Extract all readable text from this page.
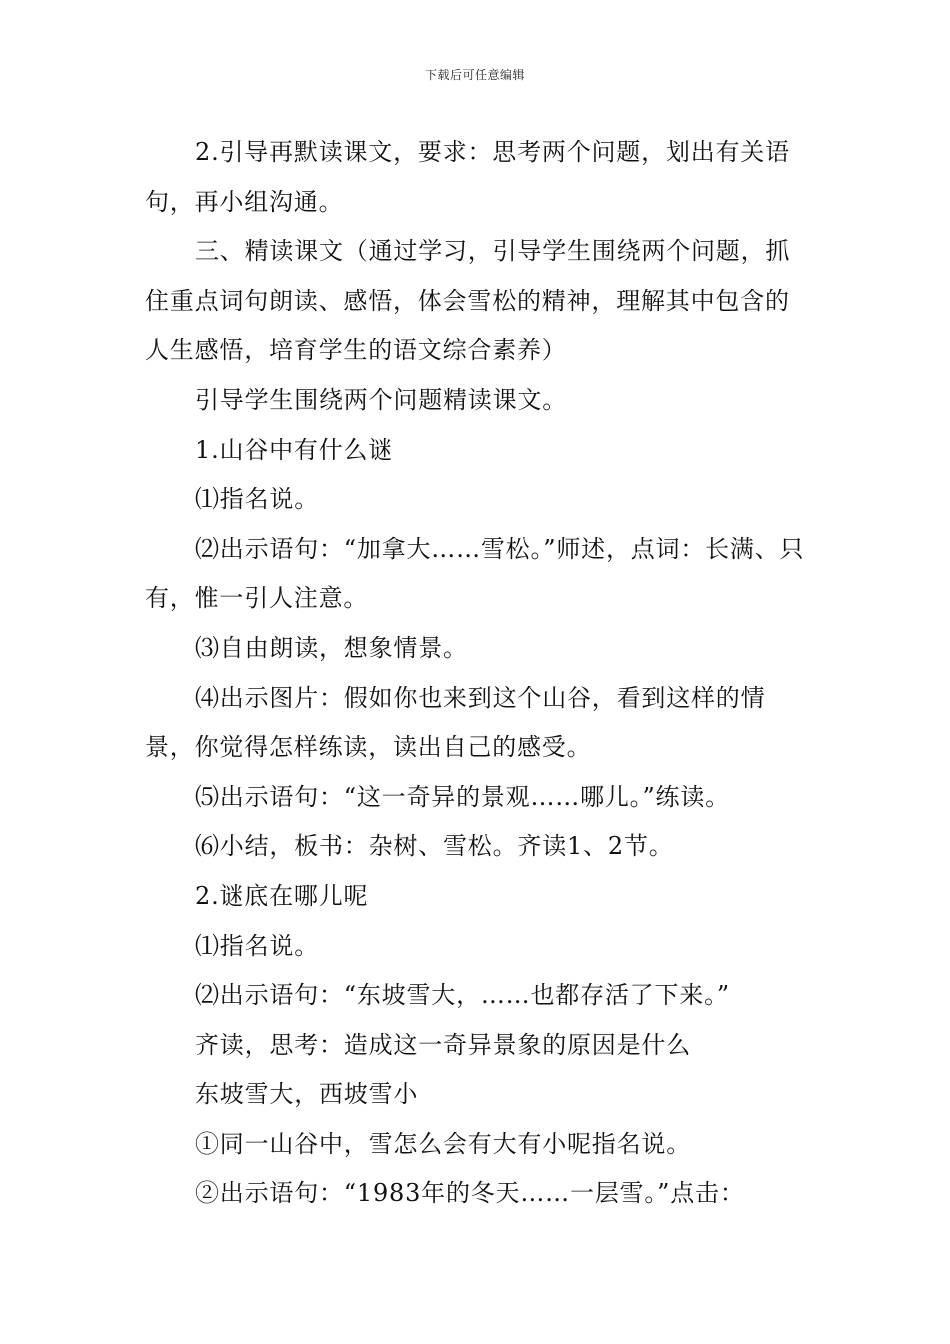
下载后可任意编辑

2.引导再默读课文，要求：思考两个问题，划出有关语句，再小组沟通。

三、精读课文（通过学习，引导学生围绕两个问题，抓住重点词句朗读、感悟，体会雪松的精神，理解其中包含的人生感悟，培育学生的语文综合素养）

引导学生围绕两个问题精读课文。

1.山谷中有什么谜

⑴指名说。

⑵出示语句：“加拿大……雪松。”师述，点词：长满、只有，惟一引人注意。

⑶自由朗读，想象情景。

⑷出示图片：假如你也来到这个山谷，看到这样的情景，你觉得怎样练读，读出自己的感受。

⑸出示语句：“这一奇异的景观……哪儿。”练读。

⑹小结，板书：杂树、雪松。齐读1、2节。

2.谜底在哪儿呢

⑴指名说。

⑵出示语句：“东坡雪大，……也都存活了下来。”

齐读，思考：造成这一奇异景象的原因是什么

东坡雪大，西坡雪小

①同一山谷中，雪怎么会有大有小呢指名说。

②出示语句：“1983年的冬天……一层雪。”点击：
